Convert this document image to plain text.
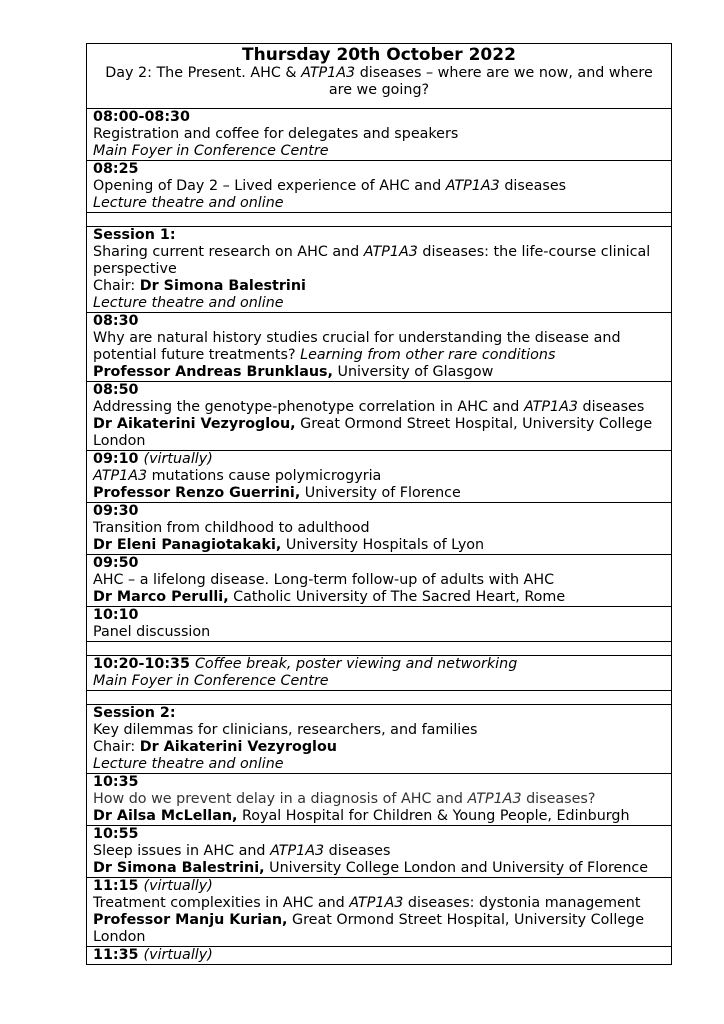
Thursday 20th October 2022
Day 2: The Present. AHC & ATP1A3 diseases – where are we now, and where are we going?

08:00-08:30
Registration and coffee for delegates and speakers
Main Foyer in Conference Centre

08:25
Opening of Day 2 – Lived experience of AHC and ATP1A3 diseases
Lecture theatre and online

Session 1:
Sharing current research on AHC and ATP1A3 diseases: the life-course clinical perspective
Chair: Dr Simona Balestrini
Lecture theatre and online

08:30
Why are natural history studies crucial for understanding the disease and potential future treatments? Learning from other rare conditions
Professor Andreas Brunklaus, University of Glasgow

08:50
Addressing the genotype-phenotype correlation in AHC and ATP1A3 diseases
Dr Aikaterini Vezyroglou, Great Ormond Street Hospital, University College London

09:10 (virtually)
ATP1A3 mutations cause polymicrogyria
Professor Renzo Guerrini, University of Florence

09:30
Transition from childhood to adulthood
Dr Eleni Panagiotakaki, University Hospitals of Lyon

09:50
AHC – a lifelong disease. Long-term follow-up of adults with AHC
Dr Marco Perulli, Catholic University of The Sacred Heart, Rome

10:10
Panel discussion

10:20-10:35 Coffee break, poster viewing and networking
Main Foyer in Conference Centre

Session 2:
Key dilemmas for clinicians, researchers, and families
Chair: Dr Aikaterini Vezyroglou
Lecture theatre and online

10:35
How do we prevent delay in a diagnosis of AHC and ATP1A3 diseases?
Dr Ailsa McLellan, Royal Hospital for Children & Young People, Edinburgh

10:55
Sleep issues in AHC and ATP1A3 diseases
Dr Simona Balestrini, University College London and University of Florence

11:15 (virtually)
Treatment complexities in AHC and ATP1A3 diseases: dystonia management
Professor Manju Kurian, Great Ormond Street Hospital, University College London

11:35 (virtually)
